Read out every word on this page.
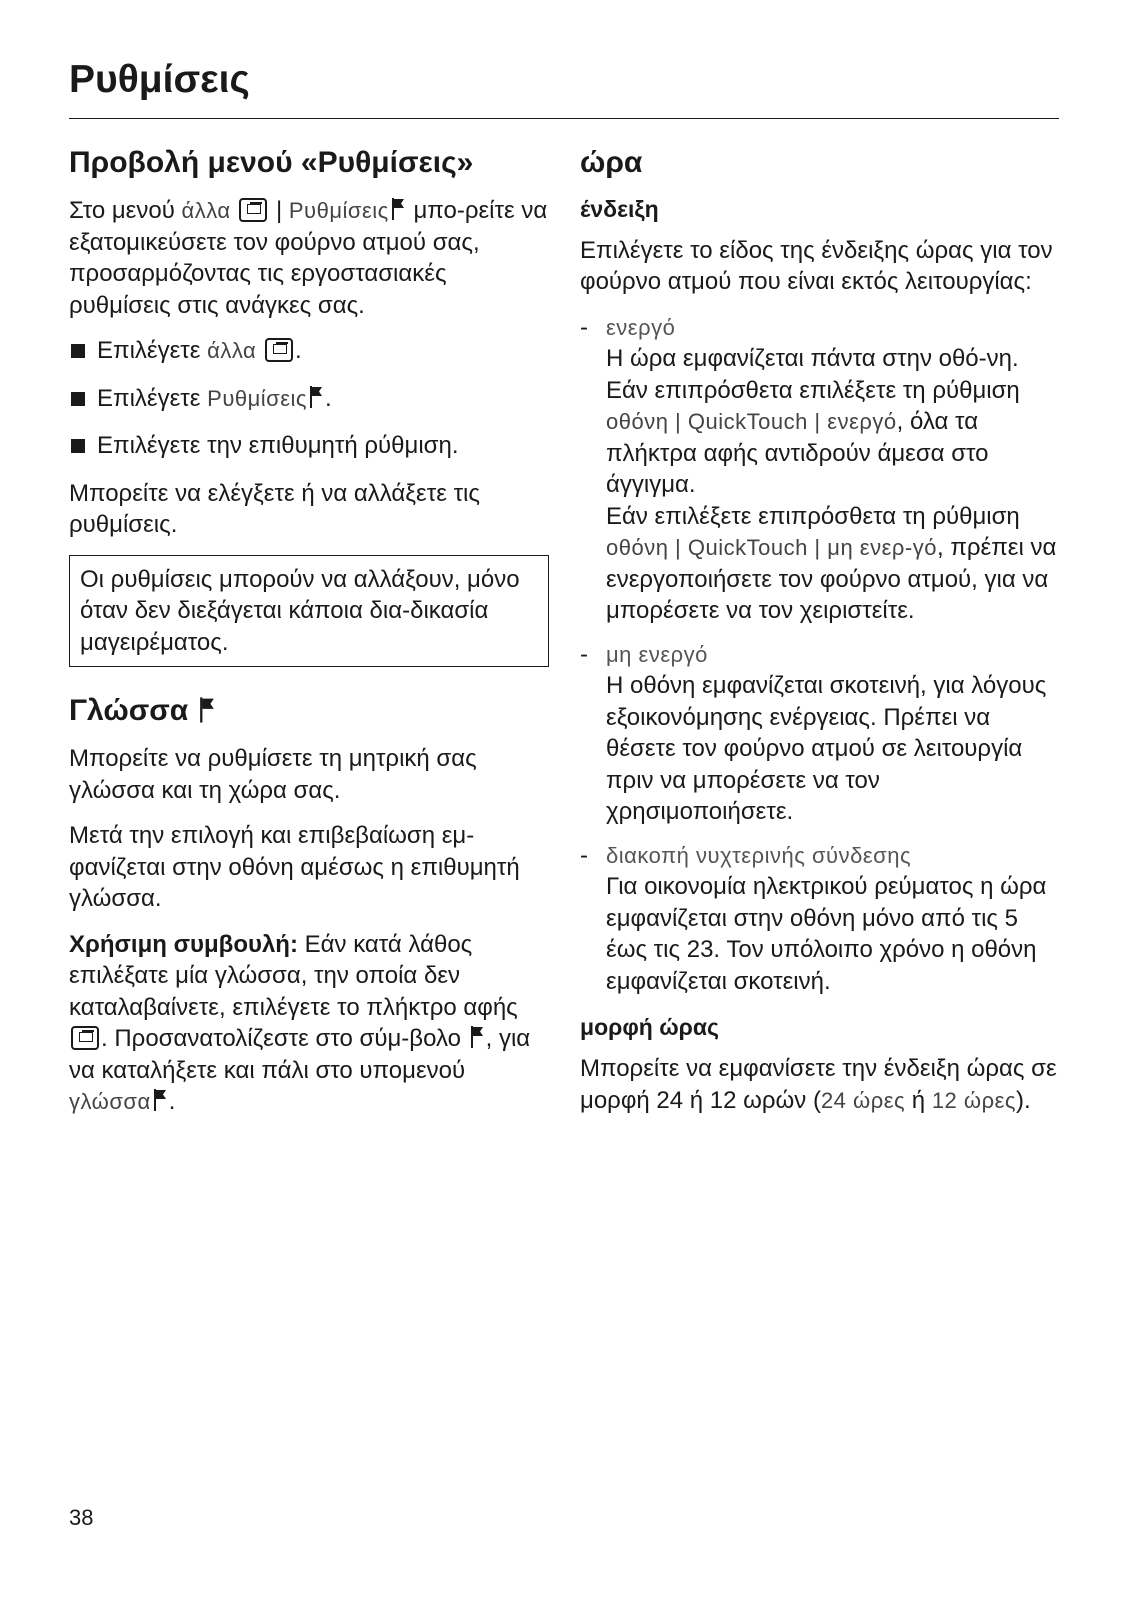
Ρυθμίσεις
Προβολή μενού «Ρυθμίσεις»

Στο μενού άλλα | Ρυθμίσεις μπο-ρείτε να εξατομικεύσετε τον φούρνο ατμού σας, προσαρμόζοντας τις εργοστασιακές ρυθμίσεις στις ανάγκες σας.

Επιλέγετε άλλα .
Επιλέγετε Ρυθμίσεις .
Επιλέγετε την επιθυμητή ρύθμιση.

Μπορείτε να ελέγξετε ή να αλλάξετε τις ρυθμίσεις.

Οι ρυθμίσεις μπορούν να αλλάξουν, μόνο όταν δεν διεξάγεται κάποια δια-δικασία μαγειρέματος.

Γλώσσα

Μπορείτε να ρυθμίσετε τη μητρική σας γλώσσα και τη χώρα σας.

Μετά την επιλογή και επιβεβαίωση εμ-φανίζεται στην οθόνη αμέσως η επιθυμητή γλώσσα.

Χρήσιμη συμβουλή: Εάν κατά λάθος επιλέξατε μία γλώσσα, την οποία δεν καταλαβαίνετε, επιλέγετε το πλήκτρο αφής . Προσανατολίζεστε στο σύμ-βολο , για να καταλήξετε και πάλι στο υπομενού γλώσσα .

ώρα
ένδειξη

Επιλέγετε το είδος της ένδειξης ώρας για τον φούρνο ατμού που είναι εκτός λειτουργίας:

- ενεργό
Η ώρα εμφανίζεται πάντα στην οθό-νη.
Εάν επιπρόσθετα επιλέξετε τη ρύθμιση οθόνη | QuickTouch | ενεργό, όλα τα πλήκτρα αφής αντιδρούν άμεσα στο άγγιγμα.
Εάν επιλέξετε επιπρόσθετα τη ρύθμιση οθόνη | QuickTouch | μη ενερ-γό, πρέπει να ενεργοποιήσετε τον φούρνο ατμού, για να μπορέσετε να τον χειριστείτε.
- μη ενεργό
Η οθόνη εμφανίζεται σκοτεινή, για λόγους εξοικονόμησης ενέργειας. Πρέπει να θέσετε τον φούρνο ατμού σε λειτουργία πριν να μπορέσετε να τον χρησιμοποιήσετε.
- διακοπή νυχτερινής σύνδεσης
Για οικονομία ηλεκτρικού ρεύματος η ώρα εμφανίζεται στην οθόνη μόνο από τις 5 έως τις 23. Τον υπόλοιπο χρόνο η οθόνη εμφανίζεται σκοτεινή.
μορφή ώρας

Μπορείτε να εμφανίσετε την ένδειξη ώρας σε μορφή 24 ή 12 ωρών (24 ώρες ή 12 ώρες).

38
